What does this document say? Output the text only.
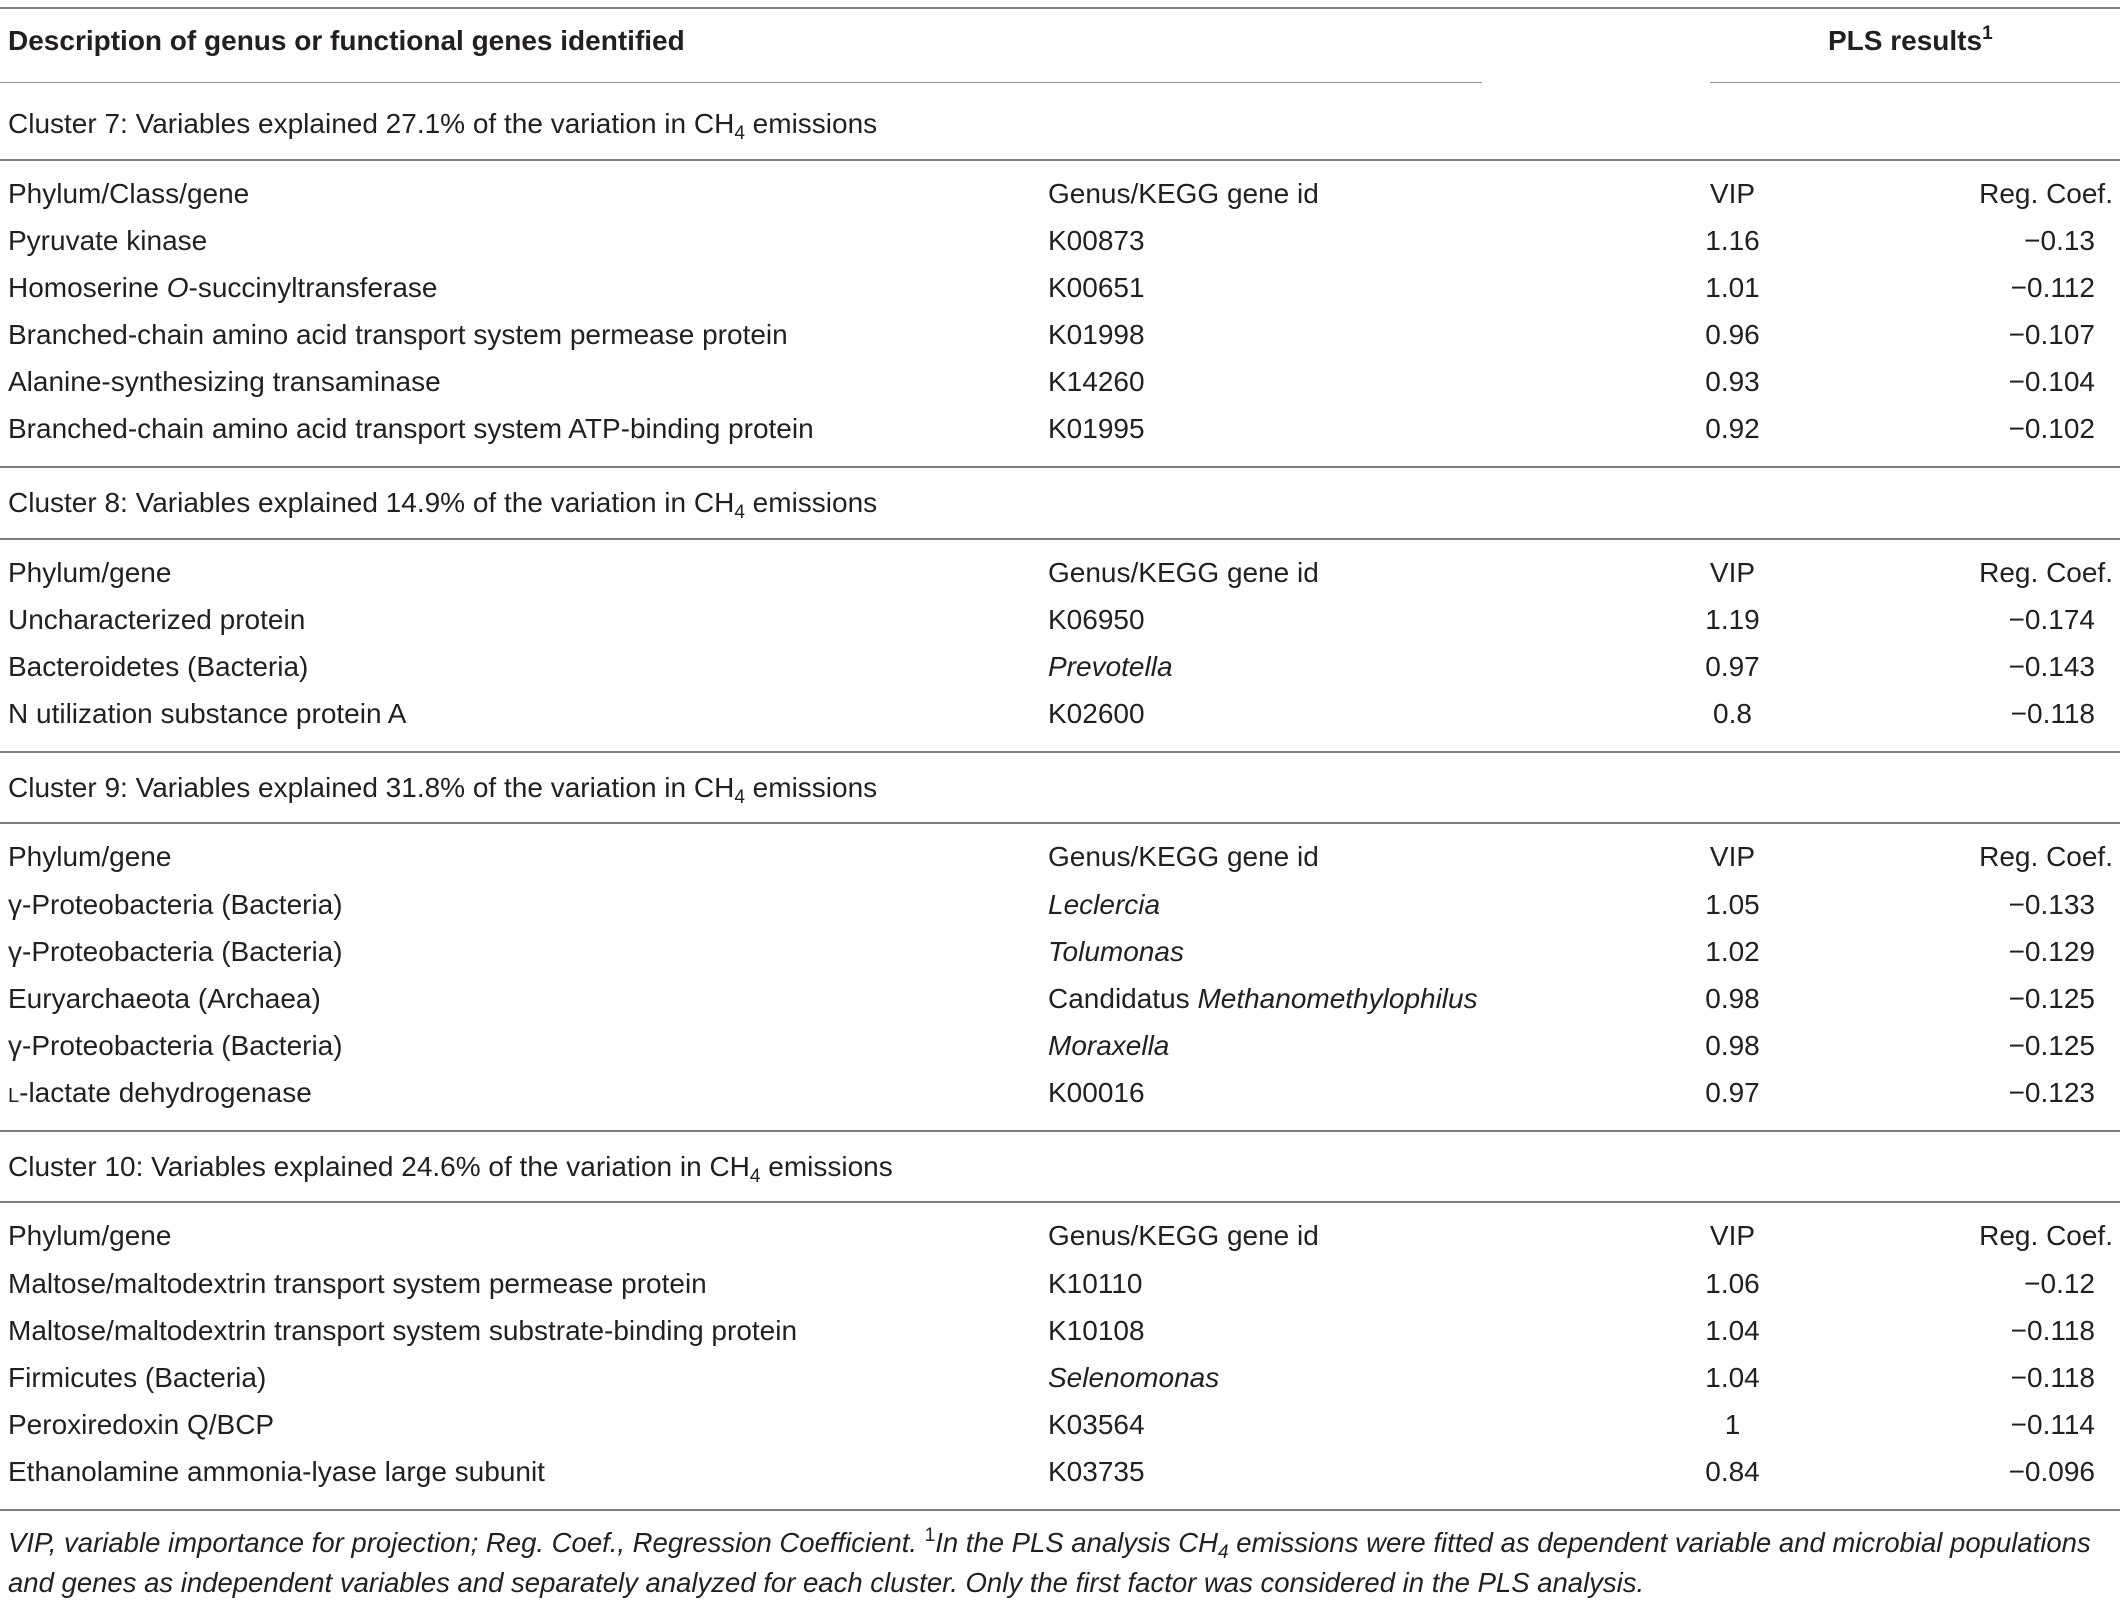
Description of genus or functional genes identified	PLS results$^1$
Cluster 7: Variables explained 27.1% of the variation in $CH_4$ emissions
Phylum/Class/gene	Genus/KEGG gene id	VIP	Reg. Coef.
Pyruvate kinase	K00873	1.16	−0.13
Homoserine O-succinyltransferase	K00651	1.01	−0.112
Branched-chain amino acid transport system permease protein	K01998	0.96	−0.107
Alanine-synthesizing transaminase	K14260	0.93	−0.104
Branched-chain amino acid transport system ATP-binding protein	K01995	0.92	−0.102
Cluster 8: Variables explained 14.9% of the variation in $CH_4$ emissions
Phylum/gene	Genus/KEGG gene id	VIP	Reg. Coef.
Uncharacterized protein	K06950	1.19	−0.174
Bacteroidetes (Bacteria)	Prevotella	0.97	−0.143
N utilization substance protein A	K02600	0.8	−0.118
Cluster 9: Variables explained 31.8% of the variation in $CH_4$ emissions
Phylum/gene	Genus/KEGG gene id	VIP	Reg. Coef.
γ-Proteobacteria (Bacteria)	Leclercia	1.05	−0.133
γ-Proteobacteria (Bacteria)	Tolumonas	1.02	−0.129
Euryarchaeota (Archaea)	Candidatus Methanomethylophilus	0.98	−0.125
γ-Proteobacteria (Bacteria)	Moraxella	0.98	−0.125
l-lactate dehydrogenase	K00016	0.97	−0.123
Cluster 10: Variables explained 24.6% of the variation in $CH_4$ emissions
Phylum/gene	Genus/KEGG gene id	VIP	Reg. Coef.
Maltose/maltodextrin transport system permease protein	K10110	1.06	−0.12
Maltose/maltodextrin transport system substrate-binding protein	K10108	1.04	−0.118
Firmicutes (Bacteria)	Selenomonas	1.04	−0.118
Peroxiredoxin Q/BCP	K03564	1	−0.114
Ethanolamine ammonia-lyase large subunit	K03735	0.84	−0.096
VIP, variable importance for projection; Reg. Coef., Regression Coefficient. $^1$In the PLS analysis $CH_4$ emissions were fitted as dependent variable and microbial populations and genes as independent variables and separately analyzed for each cluster. Only the first factor was considered in the PLS analysis.
